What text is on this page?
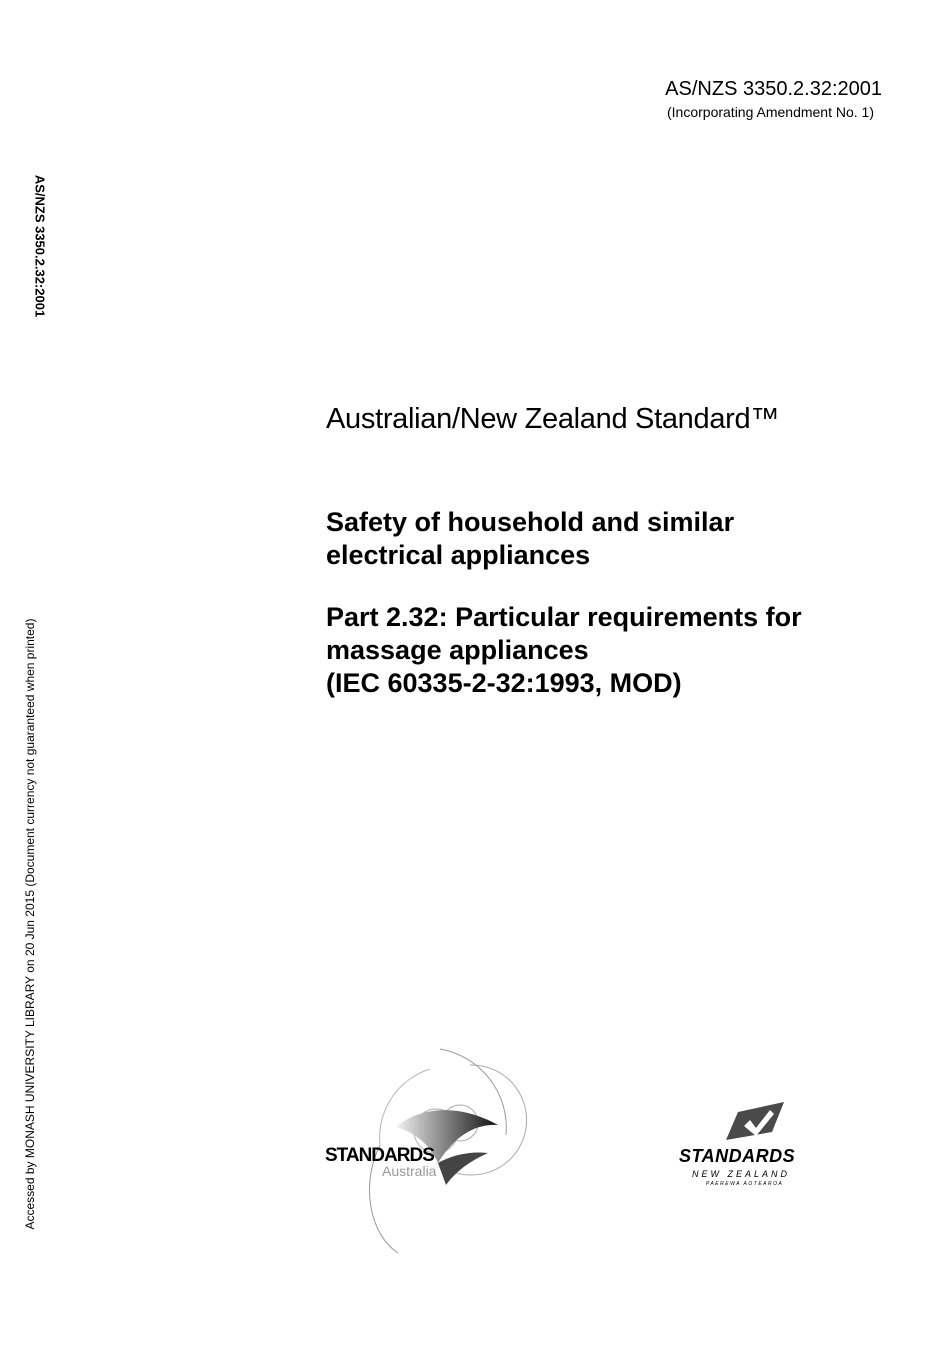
AS/NZS 3350.2.32:2001
(Incorporating Amendment No. 1)
AS/NZS 3350.2.32:2001
Accessed by MONASH UNIVERSITY LIBRARY on 20 Jun 2015 (Document currency not guaranteed when printed)
Australian/New Zealand Standard™
Safety of household and similar
electrical appliances
Part 2.32: Particular requirements for
massage appliances
(IEC 60335-2-32:1993, MOD)
STANDARDS
Australia
STANDARDS
NEW ZEALAND
PAEREWA AOTEAROA
